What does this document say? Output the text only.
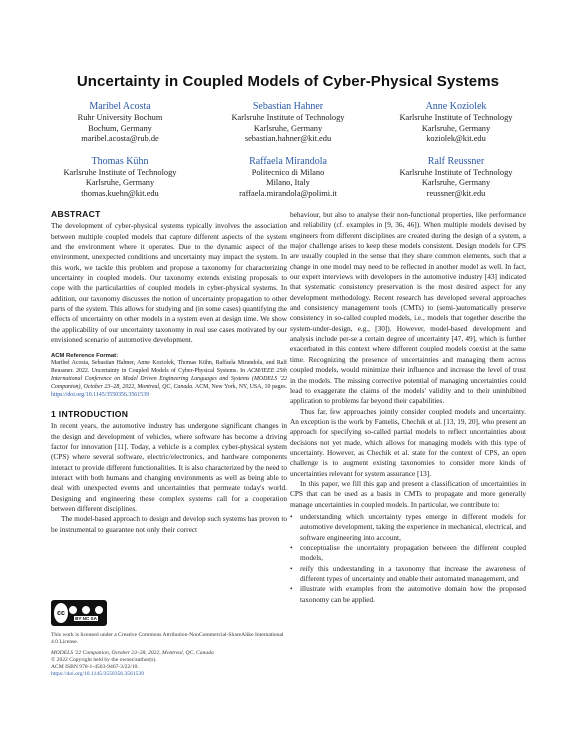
Uncertainty in Coupled Models of Cyber-Physical Systems
Maribel Acosta
Ruhr University Bochum
Bochum, Germany
maribel.acosta@rub.de
Sebastian Hahner
Karlsruhe Institute of Technology
Karlsruhe, Germany
sebastian.hahner@kit.edu
Anne Koziolek
Karlsruhe Institute of Technology
Karlsruhe, Germany
koziolek@kit.edu
Thomas Kühn
Karlsruhe Institute of Technology
Karlsruhe, Germany
thomas.kuehn@kit.edu
Raffaela Mirandola
Politecnico di Milano
Milano, Italy
raffaela.mirandola@polimi.it
Ralf Reussner
Karlsruhe Institute of Technology
Karlsruhe, Germany
reussner@kit.edu
ABSTRACT

The development of cyber-physical systems typically involves the association between multiple coupled models that capture different aspects of the system and the environment where it operates. Due to the dynamic aspect of the environment, unexpected conditions and uncertainty may impact the system. In this work, we tackle this problem and propose a taxonomy for characterizing uncertainty in coupled models. Our taxonomy extends existing proposals to cope with the particularities of coupled models in cyber-physical systems. In addition, our taxonomy discusses the notion of uncertainty propagation to other parts of the system. This allows for studying and (in some cases) quantifying the effects of uncertainty on other models in a system even at design time. We show the applicability of our uncertainty taxonomy in real use cases motivated by our envisioned scenario of automotive development.

ACM Reference Format:
Maribel Acosta, Sebastian Hahner, Anne Koziolek, Thomas Kühn, Raffaela Mirandola, and Ralf Reussner. 2022. Uncertainty in Coupled Models of Cyber-Physical Systems. In ACM/IEEE 25th International Conference on Model Driven Engineering Languages and Systems (MODELS '22 Companion), October 23–28, 2022, Montreal, QC, Canada. ACM, New York, NY, USA, 10 pages. https://doi.org/10.1145/3550356.3561539
1 INTRODUCTION

In recent years, the automotive industry has undergone significant changes in the design and development of vehicles, where software has become a driving factor for innovation [11]. Today, a vehicle is a complex cyber-physical system (CPS) where several software, electric/electronics, and hardware components interact to provide different functionalities. It is also characterized by the need to interact with both humans and changing environments as well as being able to deal with unexpected events and uncertainties that permeate today's world. Designing and engineering these complex systems call for a cooperation between different disciplines.

The model-based approach to design and develop such systems has proven to be instrumental to guarantee not only their correct

behaviour, but also to analyse their non-functional properties, like performance and reliability (cf. examples in [9, 36, 46]). When multiple models devised by engineers from different disciplines are created during the design of a system, a major challenge arises to keep these models consistent. Design models for CPS are usually coupled in the sense that they share common elements, such that a change in one model may need to be reflected in another model as well. In fact, our expert interviews with developers in the automotive industry [43] indicated that systematic consistency preservation is the most desired aspect for any development methodology. Recent research has developed several approaches and consistency management tools (CMTs) to (semi-)automatically preserve consistency in so-called coupled models, i.e., models that together describe the system-under-design, e.g., [30]). However, model-based development and analysis include per-se a certain degree of uncertainty [47, 49], which is further exacerbated in this context where different coupled models coexist at the same time. Recognizing the presence of uncertainties and managing them across coupled models, would minimize their influence and increase the level of trust in the models. The missing corrective potential of managing uncertainties could lead to exaggerate the claims of the models' validity and to their uninhibited application to problems far beyond their capabilities.

Thus far, few approaches jointly consider coupled models and uncertainty. An exception is the work by Famelis, Chechik et al. [13, 19, 20], who present an approach for specifying so-called partial models to reflect uncertainties about decisions not yet made, which allows for managing models with this type of uncertainty. However, as Chechik et al. state for the context of CPS, an open challenge is to augment existing taxonomies to consider more kinds of uncertainties relevant for system assurance [13].

In this paper, we fill this gap and present a classification of uncertainties in CPS that can be used as a basis in CMTs to propagate and more generally manage uncertainties in coupled models. In particular, we contribute to:

• understanding which uncertainty types emerge in different models for automotive development, taking the experience in mechanical, electrical, and software engineering into account,
• conceptualise the uncertainty propagation between the different coupled models,
• reify this understanding in a taxonomy that increase the awareness of different types of uncertainty and enable their automated management, and
• illustrate with examples from the automotive domain how the proposed taxonomy can be applied.
cc
BY NC SA
This work is licensed under a Creative Commons Attribution-NonCommercial-ShareAlike International 4.0 License.
MODELS '22 Companion, October 23–28, 2022, Montreal, QC, Canada
© 2022 Copyright held by the owner/author(s).
ACM ISBN 978-1-4503-9467-3/22/10.
https://doi.org/10.1145/3550356.3561539
